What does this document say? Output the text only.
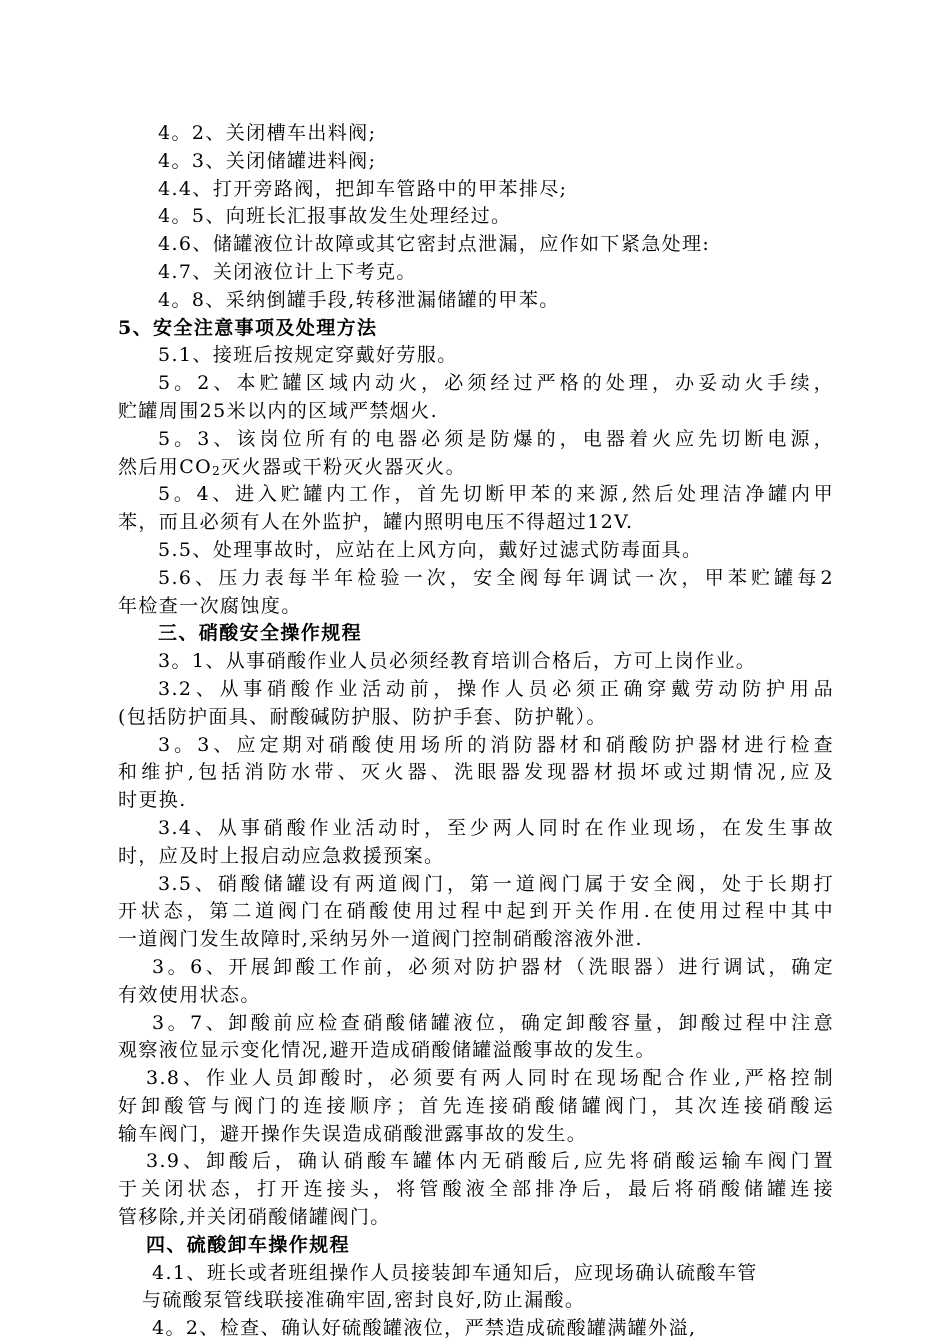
4。2、关闭槽车出料阀;
4。3、关闭储罐进料阀;
4.4、打开旁路阀，把卸车管路中的甲苯排尽;
4。5、向班长汇报事故发生处理经过。
4.6、储罐液位计故障或其它密封点泄漏，应作如下紧急处理:
4.7、关闭液位计上下考克。
4。8、采纳倒罐手段,转移泄漏储罐的甲苯。
5、安全注意事项及处理方法
5.1、接班后按规定穿戴好劳服。
5。2、本贮罐区域内动火，必须经过严格的处理，办妥动火手续，
贮罐周围25米以内的区域严禁烟火.
5。3、该岗位所有的电器必须是防爆的，电器着火应先切断电源，
然后用$CO_2$灭火器或干粉灭火器灭火。
5。4、进入贮罐内工作，首先切断甲苯的来源,然后处理洁净罐内甲
苯，而且必须有人在外监护，罐内照明电压不得超过12V.
5.5、处理事故时，应站在上风方向，戴好过滤式防毒面具。
5.6、压力表每半年检验一次，安全阀每年调试一次，甲苯贮罐每2
年检查一次腐蚀度。
三、硝酸安全操作规程
3。1、从事硝酸作业人员必须经教育培训合格后，方可上岗作业。
3.2、从事硝酸作业活动前，操作人员必须正确穿戴劳动防护用品
(包括防护面具、耐酸碱防护服、防护手套、防护靴）。
3。3、应定期对硝酸使用场所的消防器材和硝酸防护器材进行检查
和维护,包括消防水带、灭火器、洗眼器发现器材损坏或过期情况,应及
时更换.
3.4、从事硝酸作业活动时，至少两人同时在作业现场，在发生事故
时，应及时上报启动应急救援预案。
3.5、硝酸储罐设有两道阀门，第一道阀门属于安全阀，处于长期打
开状态，第二道阀门在硝酸使用过程中起到开关作用.在使用过程中其中
一道阀门发生故障时,采纳另外一道阀门控制硝酸溶液外泄.
3。6、开展卸酸工作前，必须对防护器材（洗眼器）进行调试，确定
有效使用状态。
3。7、卸酸前应检查硝酸储罐液位，确定卸酸容量，卸酸过程中注意
观察液位显示变化情况,避开造成硝酸储罐溢酸事故的发生。
3.8、作业人员卸酸时，必须要有两人同时在现场配合作业,严格控制
好卸酸管与阀门的连接顺序；首先连接硝酸储罐阀门，其次连接硝酸运
输车阀门，避开操作失误造成硝酸泄露事故的发生。
3.9、卸酸后，确认硝酸车罐体内无硝酸后,应先将硝酸运输车阀门置
于关闭状态，打开连接头，将管酸液全部排净后，最后将硝酸储罐连接
管移除,并关闭硝酸储罐阀门。
四、硫酸卸车操作规程
4.1、班长或者班组操作人员接装卸车通知后，应现场确认硫酸车管
与硫酸泵管线联接准确牢固,密封良好,防止漏酸。
4。2、检查、确认好硫酸罐液位，严禁造成硫酸罐满罐外溢,
